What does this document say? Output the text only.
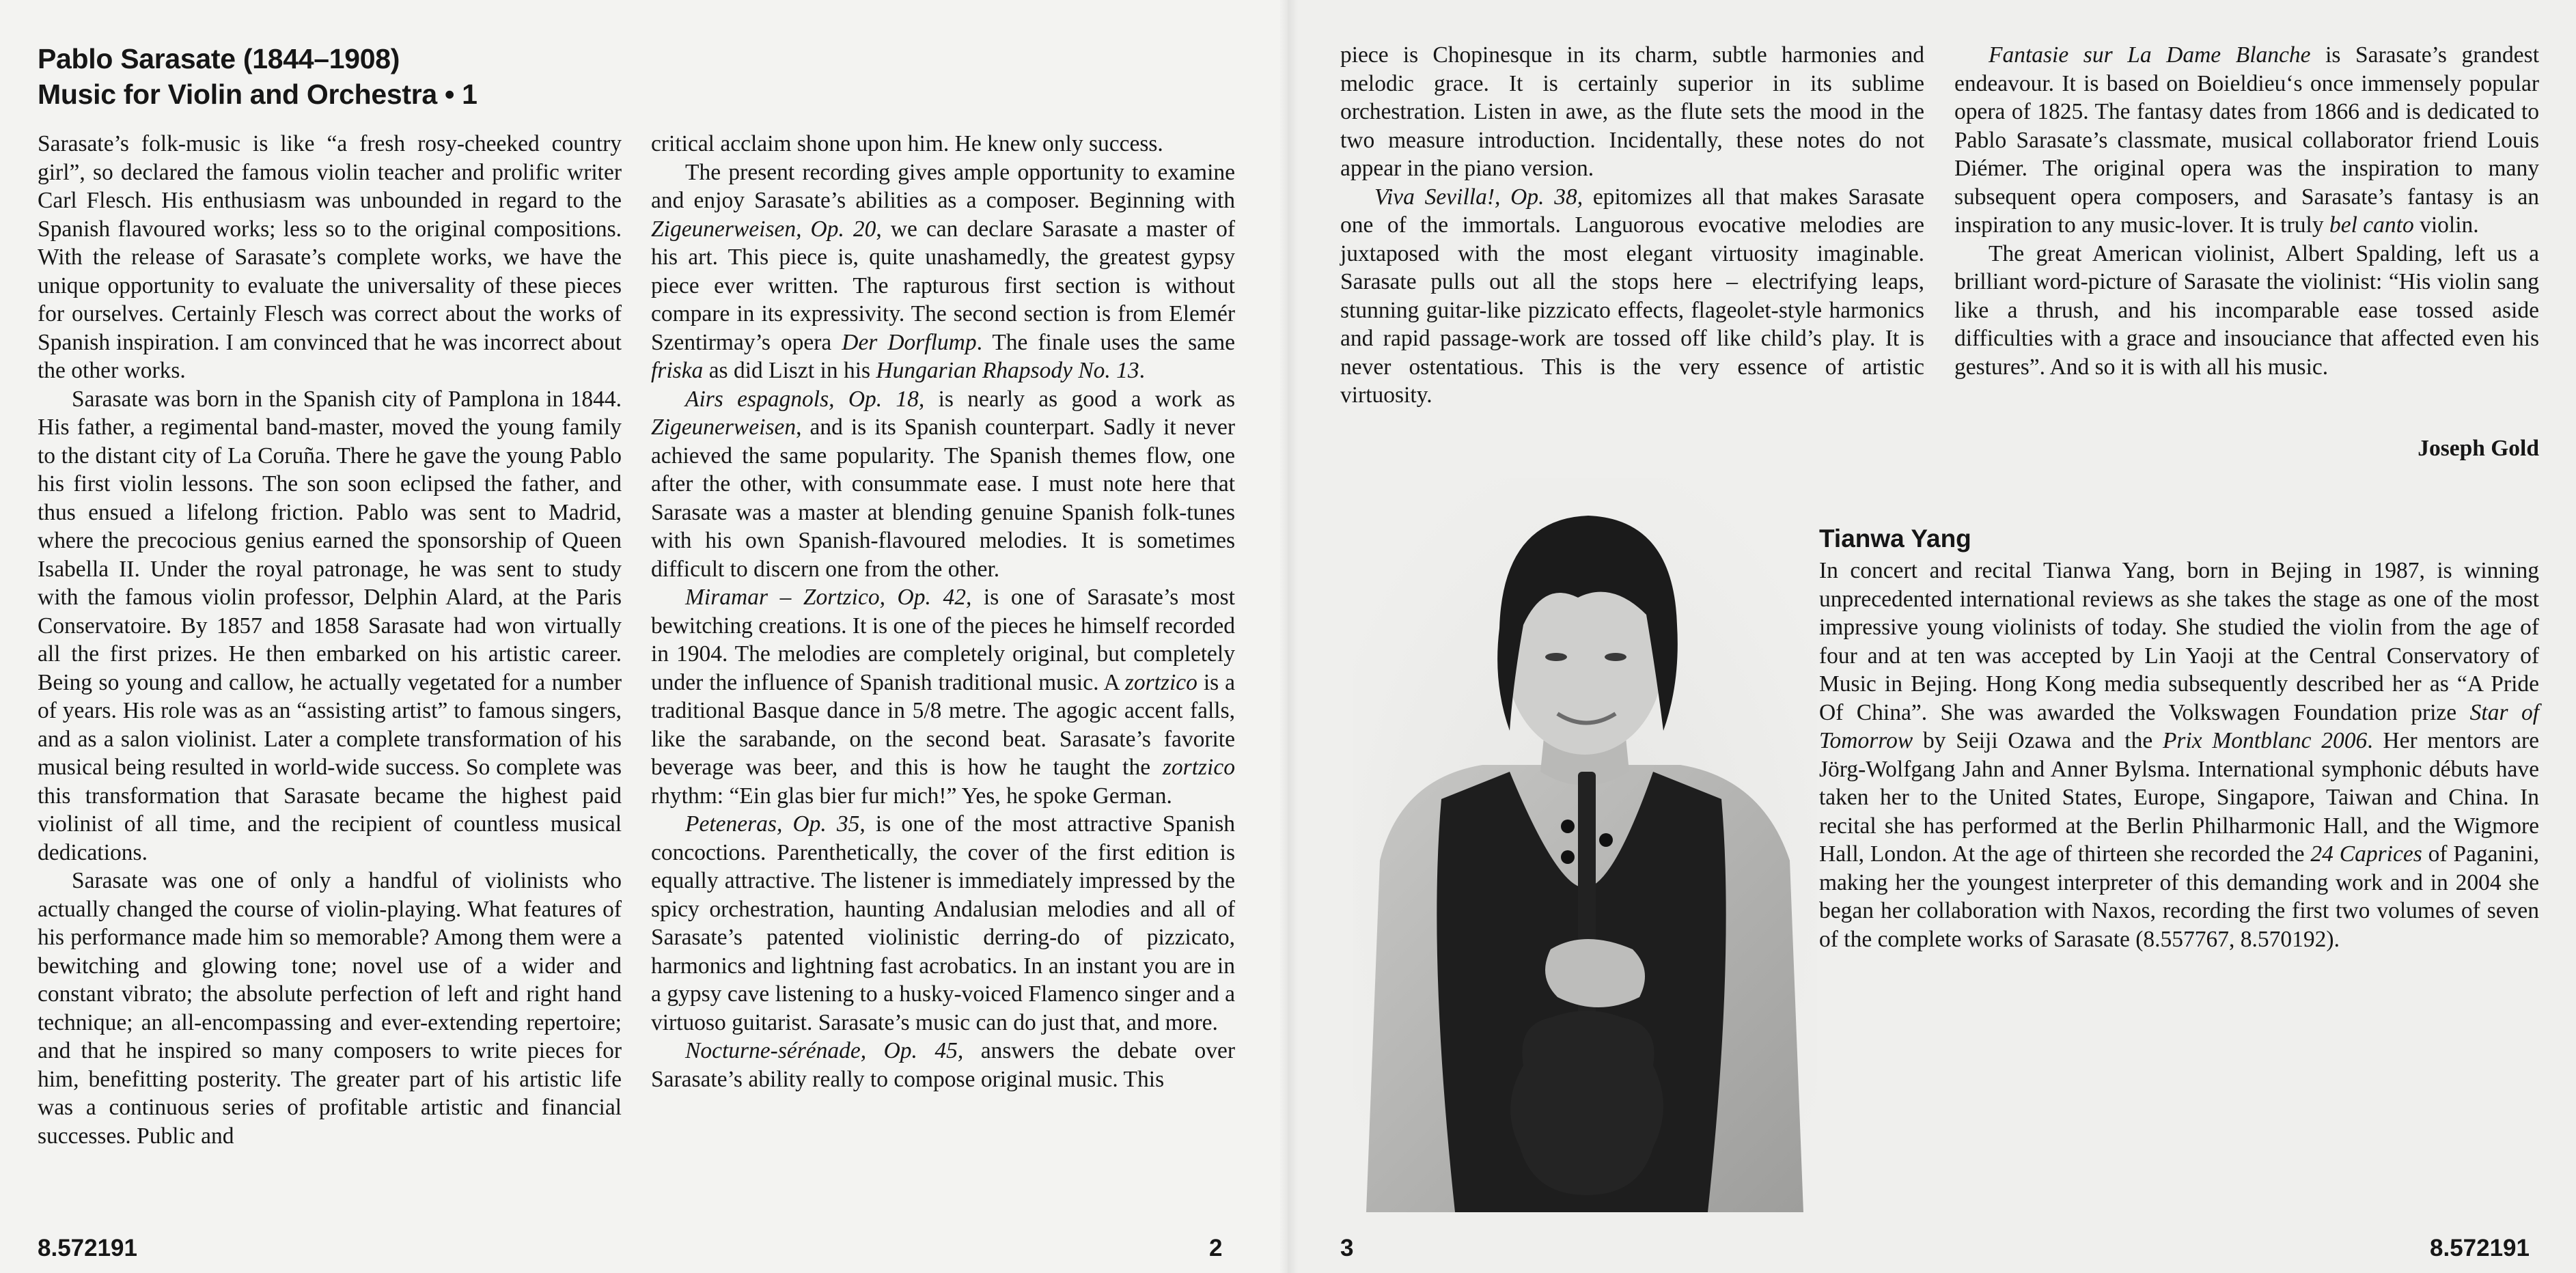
Pablo Sarasate (1844–1908)
Music for Violin and Orchestra • 1

Sarasate’s folk-music is like “a fresh rosy-cheeked country girl”, so declared the famous violin teacher and prolific writer Carl Flesch. His enthusiasm was unbounded in regard to the Spanish flavoured works; less so to the original compositions. With the release of Sarasate’s complete works, we have the unique opportunity to evaluate the universality of these pieces for ourselves. Certainly Flesch was correct about the works of Spanish inspiration. I am convinced that he was incorrect about the other works.

Sarasate was born in the Spanish city of Pamplona in 1844. His father, a regimental band-master, moved the young family to the distant city of La Coruña. There he gave the young Pablo his first violin lessons. The son soon eclipsed the father, and thus ensued a lifelong friction. Pablo was sent to Madrid, where the precocious genius earned the sponsorship of Queen Isabella II. Under the royal patronage, he was sent to study with the famous violin professor, Delphin Alard, at the Paris Conservatoire. By 1857 and 1858 Sarasate had won virtually all the first prizes. He then embarked on his artistic career. Being so young and callow, he actually vegetated for a number of years. His role was as an “assisting artist” to famous singers, and as a salon violinist. Later a complete transformation of his musical being resulted in world-wide success. So complete was this transformation that Sarasate became the highest paid violinist of all time, and the recipient of countless musical dedications.

Sarasate was one of only a handful of violinists who actually changed the course of violin-playing. What features of his performance made him so memorable? Among them were a bewitching and glowing tone; novel use of a wider and constant vibrato; the absolute perfection of left and right hand technique; an all-encompassing and ever-extending repertoire; and that he inspired so many composers to write pieces for him, benefitting posterity. The greater part of his artistic life was a continuous series of profitable artistic and financial successes. Public and

critical acclaim shone upon him. He knew only success.

The present recording gives ample opportunity to examine and enjoy Sarasate’s abilities as a composer. Beginning with Zigeunerweisen, Op. 20, we can declare Sarasate a master of his art. This piece is, quite unashamedly, the greatest gypsy piece ever written. The rapturous first section is without compare in its expressivity. The second section is from Elemér Szentirmay’s opera Der Dorflump. The finale uses the same friska as did Liszt in his Hungarian Rhapsody No. 13.

Airs espagnols, Op. 18, is nearly as good a work as Zigeunerweisen, and is its Spanish counterpart. Sadly it never achieved the same popularity. The Spanish themes flow, one after the other, with consummate ease. I must note here that Sarasate was a master at blending genuine Spanish folk-tunes with his own Spanish-flavoured melodies. It is sometimes difficult to discern one from the other.

Miramar – Zortzico, Op. 42, is one of Sarasate’s most bewitching creations. It is one of the pieces he himself recorded in 1904. The melodies are completely original, but completely under the influence of Spanish traditional music. A zortzico is a traditional Basque dance in 5/8 metre. The agogic accent falls, like the sarabande, on the second beat. Sarasate’s favorite beverage was beer, and this is how he taught the zortzico rhythm: “Ein glas bier fur mich!” Yes, he spoke German.

Peteneras, Op. 35, is one of the most attractive Spanish concoctions. Parenthetically, the cover of the first edition is equally attractive. The listener is immediately impressed by the spicy orchestration, haunting Andalusian melodies and all of Sarasate’s patented violinistic derring-do of pizzicato, harmonics and lightning fast acrobatics. In an instant you are in a gypsy cave listening to a husky-voiced Flamenco singer and a virtuoso guitarist. Sarasate’s music can do just that, and more.

Nocturne-sérénade, Op. 45, answers the debate over Sarasate’s ability really to compose original music. This

piece is Chopinesque in its charm, subtle harmonies and melodic grace. It is certainly superior in its sublime orchestration. Listen in awe, as the flute sets the mood in the two measure introduction. Incidentally, these notes do not appear in the piano version.

Viva Sevilla!, Op. 38, epitomizes all that makes Sarasate one of the immortals. Languorous evocative melodies are juxtaposed with the most elegant virtuosity imaginable. Sarasate pulls out all the stops here – electrifying leaps, stunning guitar-like pizzicato effects, flageolet-style harmonics and rapid passage-work are tossed off like child’s play. It is never ostentatious. This is the very essence of artistic virtuosity.

Fantasie sur La Dame Blanche is Sarasate’s grandest endeavour. It is based on Boieldieu‘s once immensely popular opera of 1825. The fantasy dates from 1866 and is dedicated to Pablo Sarasate’s classmate, musical collaborator friend Louis Diémer. The original opera was the inspiration to many subsequent opera composers, and Sarasate’s fantasy is an inspiration to any music-lover. It is truly bel canto violin.

The great American violinist, Albert Spalding, left us a brilliant word-picture of Sarasate the violinist: “His violin sang like a thrush, and his incomparable ease tossed aside difficulties with a grace and insouciance that affected even his gestures”. And so it is with all his music.

Joseph Gold
Tianwa Yang

In concert and recital Tianwa Yang, born in Bejing in 1987, is winning unprecedented international reviews as she takes the stage as one of the most impressive young violinists of today. She studied the violin from the age of four and at ten was accepted by Lin Yaoji at the Central Conservatory of Music in Bejing. Hong Kong media subsequently described her as “A Pride Of China”. She was awarded the Volkswagen Foundation prize Star of Tomorrow by Seiji Ozawa and the Prix Montblanc 2006. Her mentors are Jörg-Wolfgang Jahn and Anner Bylsma. International symphonic débuts have taken her to the United States, Europe, Singapore, Taiwan and China. In recital she has performed at the Berlin Philharmonic Hall, and the Wigmore Hall, London. At the age of thirteen she recorded the 24 Caprices of Paganini, making her the youngest interpreter of this demanding work and in 2004 she began her collaboration with Naxos, recording the first two volumes of seven of the complete works of Sarasate (8.557767, 8.570192).

8.572191	2	3	8.572191
